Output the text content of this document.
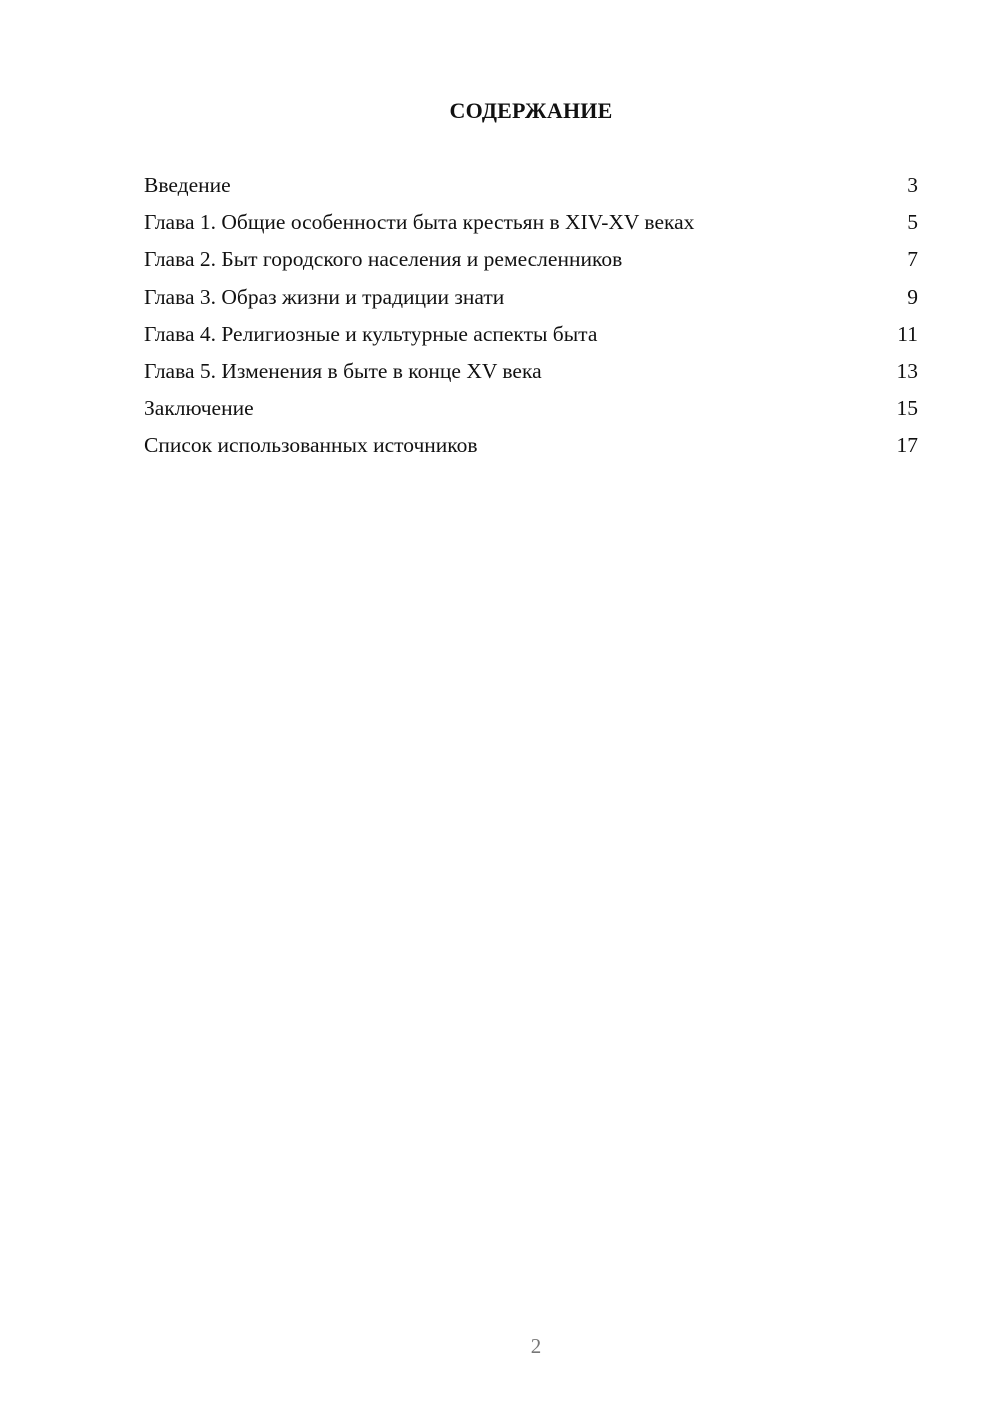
СОДЕРЖАНИЕ
Введение	3
Глава 1. Общие особенности быта крестьян в XIV-XV веках	5
Глава 2. Быт городского населения и ремесленников	7
Глава 3. Образ жизни и традиции знати	9
Глава 4. Религиозные и культурные аспекты быта	11
Глава 5. Изменения в быте в конце XV века	13
Заключение	15
Список использованных источников	17
2
